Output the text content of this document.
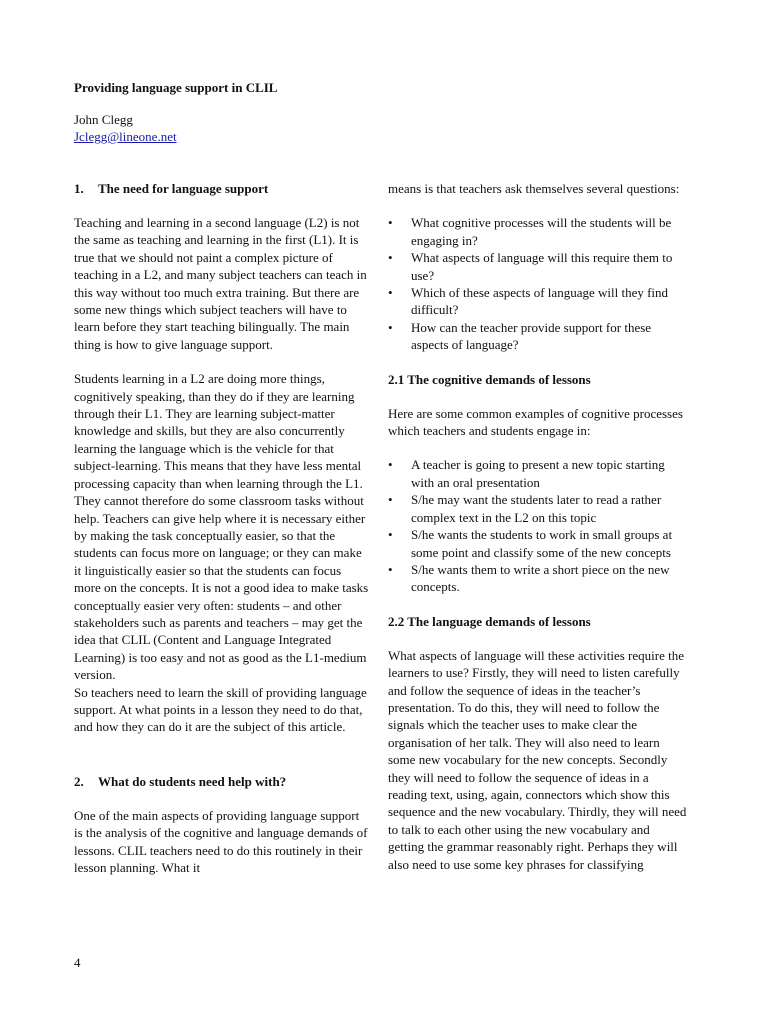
Providing language support in CLIL
John Clegg
Jclegg@lineone.net
1. The need for language support

Teaching and learning in a second language (L2) is not the same as teaching and learning in the first (L1). It is true that we should not paint a complex picture of teaching in a L2, and many subject teachers can teach in this way without too much extra training. But there are some new things which subject teachers will have to learn before they start teaching bilingually. The main thing is how to give language support.

Students learning in a L2 are doing more things, cognitively speaking, than they do if they are learning through their L1. They are learning subject-matter knowledge and skills, but they are also concurrently learning the language which is the vehicle for that subject-learning. This means that they have less mental processing capacity than when learning through the L1. They cannot therefore do some classroom tasks without help. Teachers can give help where it is necessary either by making the task conceptually easier, so that the students can focus more on language; or they can make it linguistically easier so that the students can focus more on the concepts. It is not a good idea to make tasks conceptually easier very often: students – and other stakeholders such as parents and teachers – may get the idea that CLIL (Content and Language Integrated Learning) is too easy and not as good as the L1-medium version.

So teachers need to learn the skill of providing language support. At what points in a lesson they need to do that, and how they can do it are the subject of this article.

2. What do students need help with?

One of the main aspects of providing language support is the analysis of the cognitive and language demands of lessons. CLIL teachers need to do this routinely in their lesson planning. What it

means is that teachers ask themselves several questions:

• What cognitive processes will the students will be engaging in?
• What aspects of language will this require them to use?
• Which of these aspects of language will they find difficult?
• How can the teacher provide support for these aspects of language?
2.1 The cognitive demands of lessons

Here are some common examples of cognitive processes which teachers and students engage in:

• A teacher is going to present a new topic starting with an oral presentation
• S/he may want the students later to read a rather complex text in the L2 on this topic
• S/he wants the students to work in small groups at some point and classify some of the new concepts
• S/he wants them to write a short piece on the new concepts.
2.2 The language demands of lessons

What aspects of language will these activities require the learners to use? Firstly, they will need to listen carefully and follow the sequence of ideas in the teacher’s presentation. To do this, they will need to follow the signals which the teacher uses to make clear the organisation of her talk. They will also need to learn some new vocabulary for the new concepts. Secondly they will need to follow the sequence of ideas in a reading text, using, again, connectors which show this sequence and the new vocabulary. Thirdly, they will need to talk to each other using the new vocabulary and getting the grammar reasonably right. Perhaps they will also need to use some key phrases for classifying

4
